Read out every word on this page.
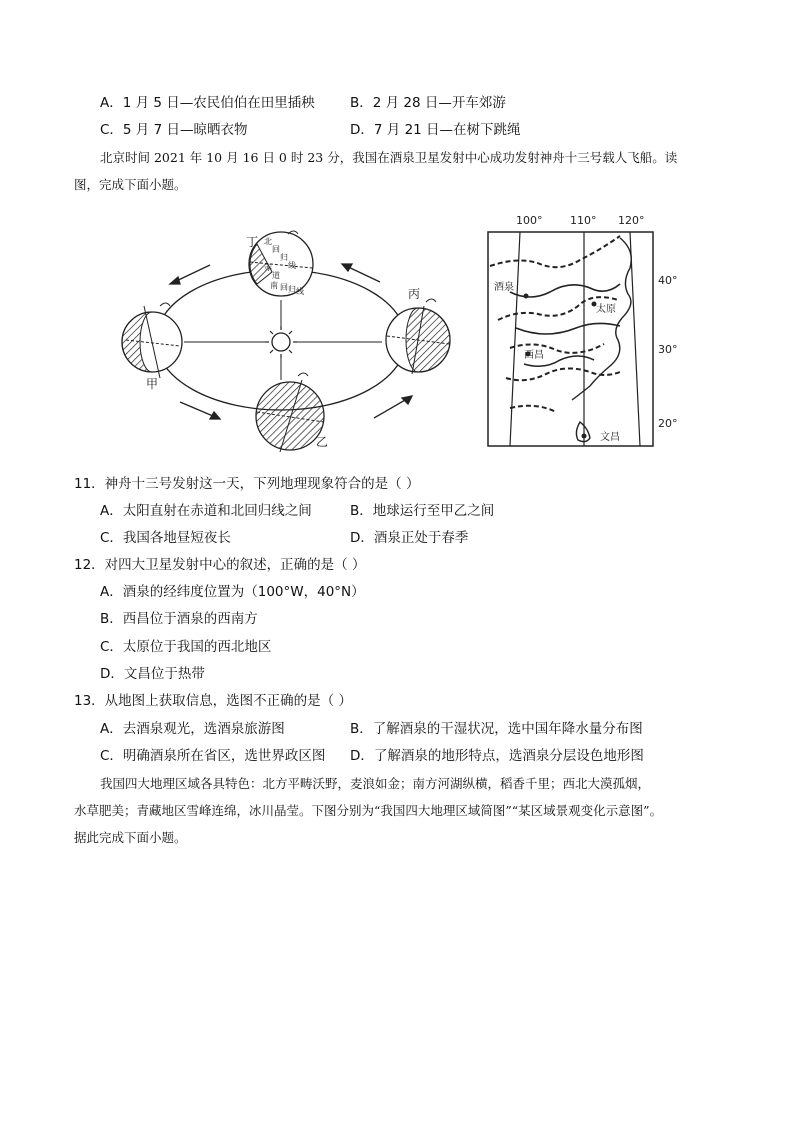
A．1 月 5 日—农民伯伯在田里插秧	B．2 月 28 日—开车郊游
C．5 月 7 日—晾晒衣物	D．7 月 21 日—在树下跳绳
北京时间 2021 年 10 月 16 日 0 时 23 分，我国在酒泉卫星发射中心成功发射神舟十三号载人飞船。读
图，完成下面小题。
北
回
归
线
赤
道
南 回 归 线
甲
乙
丙
丁
酒泉
太原
西昌
文昌
100°	110° 120°
40°
30°
20°
11．神舟十三号发射这一天，下列地理现象符合的是（ ）
A．太阳直射在赤道和北回归线之间	B．地球运行至甲乙之间
C．我国各地昼短夜长	D．酒泉正处于春季
12．对四大卫星发射中心的叙述，正确的是（ ）
A．酒泉的经纬度位置为（100°W，40°N）
B．西昌位于酒泉的西南方
C．太原位于我国的西北地区
D．文昌位于热带
13．从地图上获取信息，选图不正确的是（ ）
A．去酒泉观光，选酒泉旅游图	B．了解酒泉的干湿状况，选中国年降水量分布图
C．明确酒泉所在省区，选世界政区图 D．了解酒泉的地形特点，选酒泉分层设色地形图
我国四大地理区域各具特色：北方平畴沃野，麦浪如金；南方河湖纵横，稻香千里；西北大漠孤烟，
水草肥美；青藏地区雪峰连绵，冰川晶莹。下图分别为“我国四大地理区域简图”“某区域景观变化示意图”。
据此完成下面小题。
